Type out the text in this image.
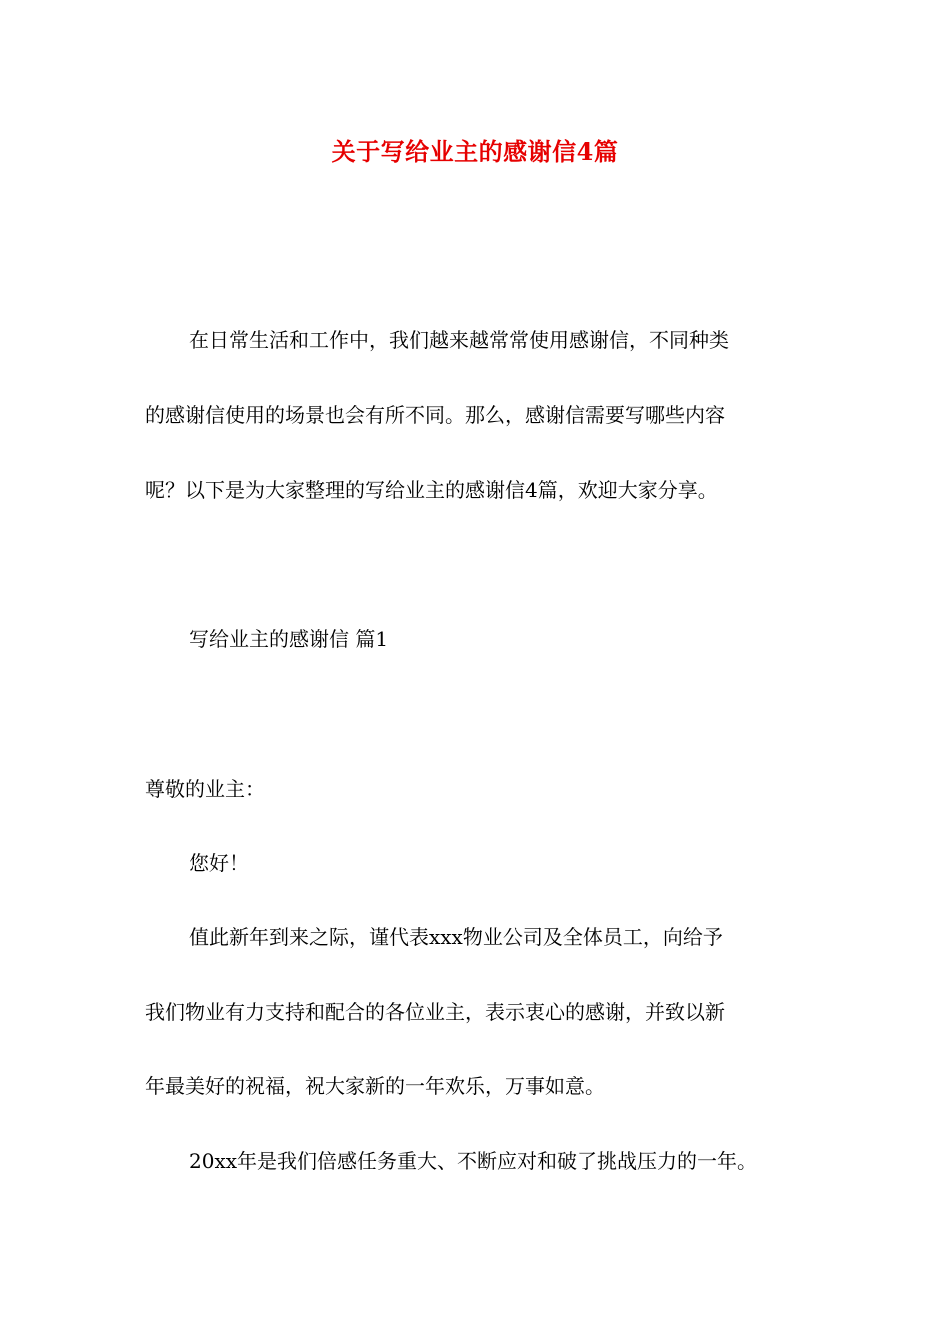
关于写给业主的感谢信4篇
在日常生活和工作中，我们越来越常常使用感谢信，不同种类
的感谢信使用的场景也会有所不同。那么，感谢信需要写哪些内容
呢？以下是为大家整理的写给业主的感谢信4篇，欢迎大家分享。
写给业主的感谢信 篇1
尊敬的业主：
您好！
值此新年到来之际，谨代表xxx物业公司及全体员工，向给予
我们物业有力支持和配合的各位业主，表示衷心的感谢，并致以新
年最美好的祝福，祝大家新的一年欢乐，万事如意。
20xx年是我们倍感任务重大、不断应对和破了挑战压力的一年。
